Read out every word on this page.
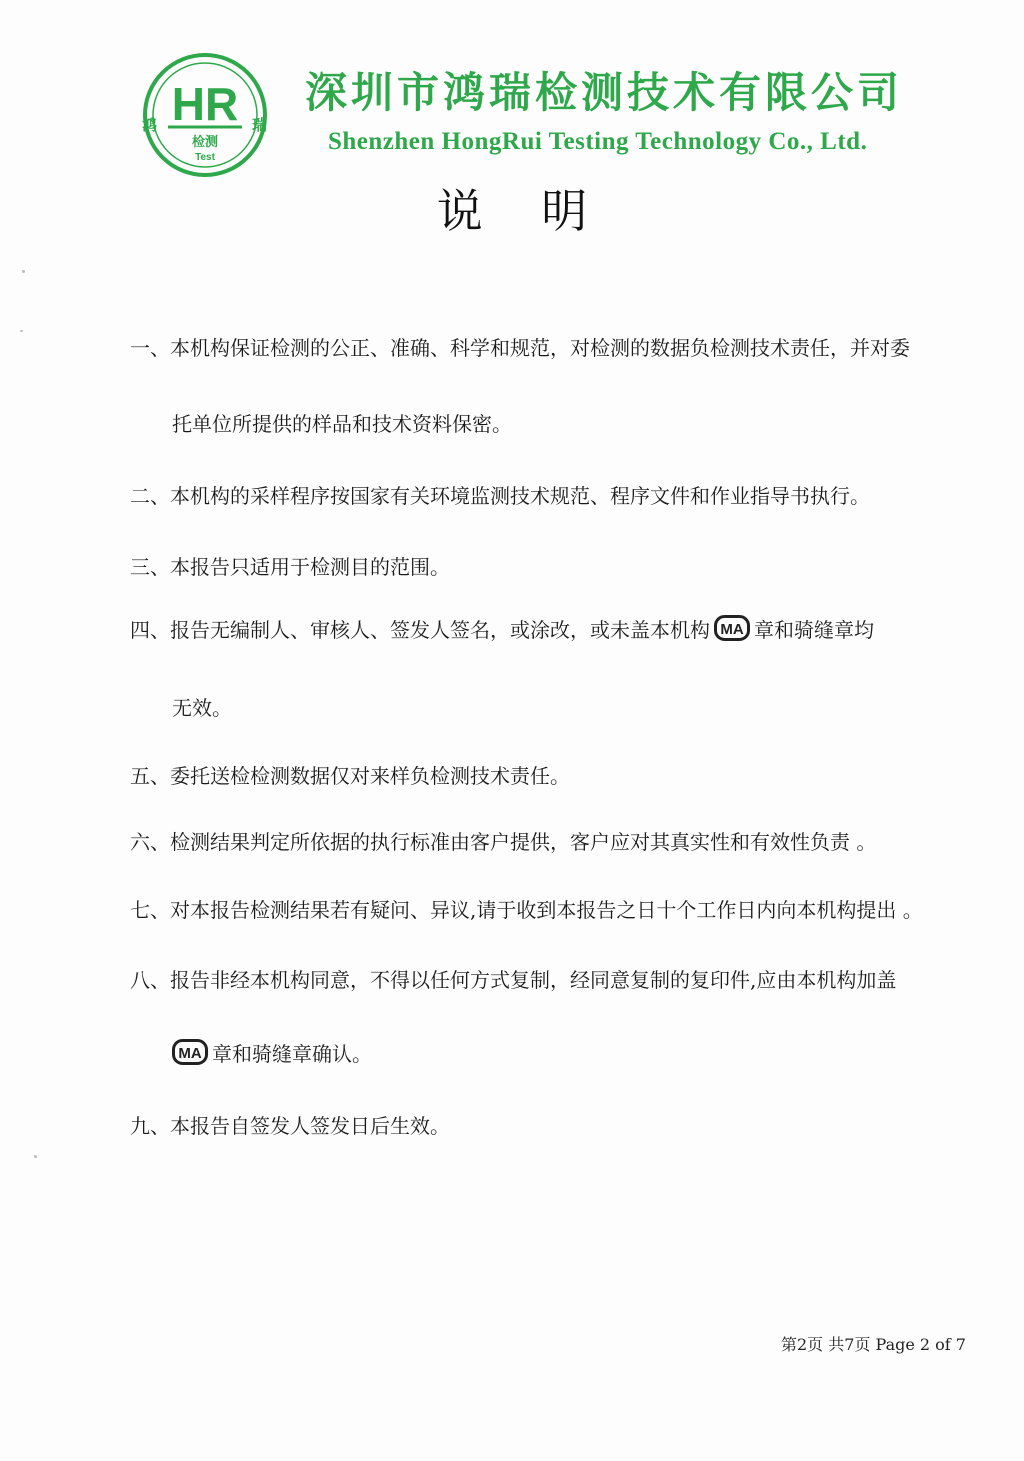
HR
检测
Test
鸿	瑞
深圳市鸿瑞检测技术有限公司
Shenzhen HongRui Testing Technology Co., Ltd.
说    明
一、本机构保证检测的公正、准确、科学和规范，对检测的数据负检测技术责任，并对委
托单位所提供的样品和技术资料保密。
二、本机构的采样程序按国家有关环境监测技术规范、程序文件和作业指导书执行。
三、本报告只适用于检测目的范围。
四、报告无编制人、审核人、签发人签名，或涂改，或未盖本机构 MA 章和骑缝章均
无效。
五、委托送检检测数据仅对来样负检测技术责任。
六、检测结果判定所依据的执行标准由客户提供，客户应对其真实性和有效性负责 。
七、对本报告检测结果若有疑问、异议,请于收到本报告之日十个工作日内向本机构提出 。
八、报告非经本机构同意，不得以任何方式复制，经同意复制的复印件,应由本机构加盖
MA 章和骑缝章确认。
九、本报告自签发人签发日后生效。
第2页 共7页 Page 2 of 7
